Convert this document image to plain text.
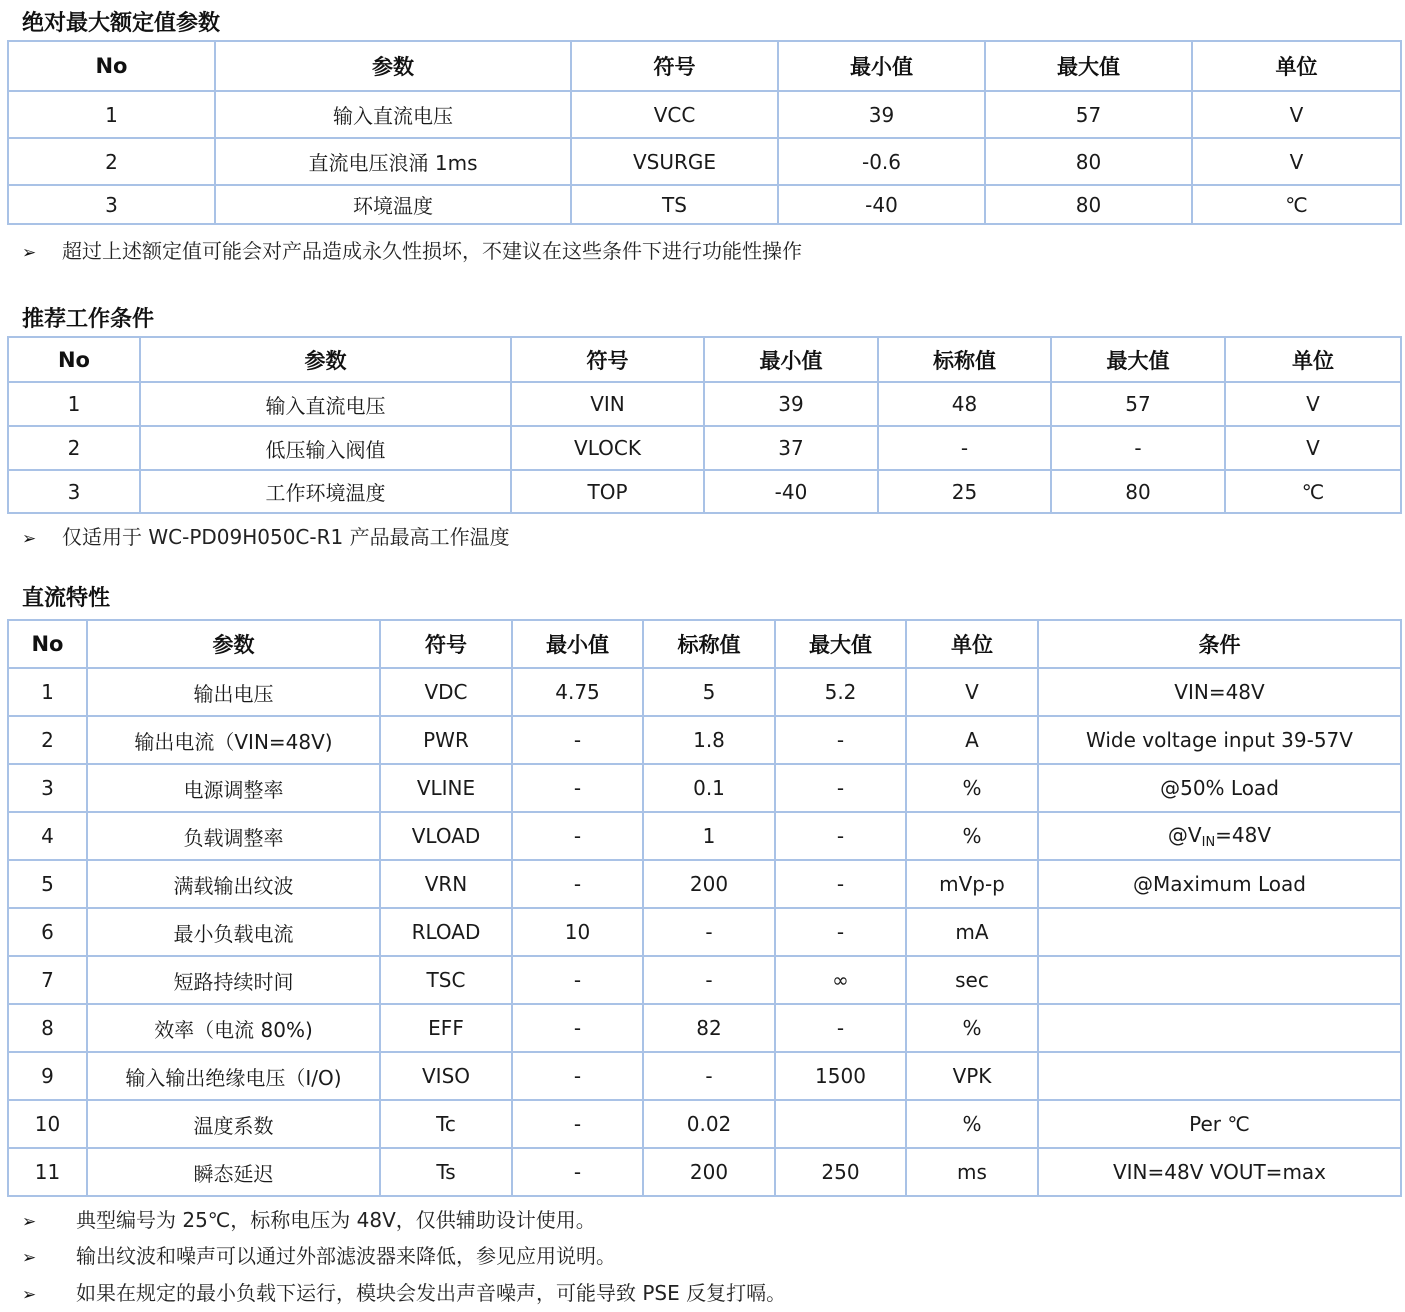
绝对最大额定值参数
No	参数	符号	最小值	最大值	单位
1	输入直流电压	VCC	39	57	V
2	直流电压浪涌 1ms	VSURGE	-0.6	80	V
3	环境温度	TS	-40	80	℃
➢ 超过上述额定值可能会对产品造成永久性损坏，不建议在这些条件下进行功能性操作
推荐工作条件
No	参数	符号	最小值	标称值	最大值	单位
1	输入直流电压	VIN	39	48	57	V
2	低压输入阀值	VLOCK	37	-	-	V
3	工作环境温度	TOP	-40	25	80	℃
➢ 仅适用于 WC-PD09H050C-R1 产品最高工作温度
直流特性
No	参数	符号	最小值	标称值	最大值	单位	条件
1	输出电压	VDC	4.75	5	5.2	V	VIN=48V
2	输出电流（VIN=48V)	PWR	-	1.8	-	A	Wide voltage input 39-57V
3	电源调整率	VLINE	-	0.1	-	%	@50% Load
4	负载调整率	VLOAD	-	1	-	%	$@V_{IN}=48V$
5	满载输出纹波	VRN	-	200	-	mVp-p	@Maximum Load
6	最小负载电流	RLOAD	10	-	-	mA	
7	短路持续时间	TSC	-	-	∞	sec	
8	效率（电流 80%)	EFF	-	82	-	%	
9	输入输出绝缘电压（I/O)	VISO	-	-	1500	VPK	
10	温度系数	Tc	-	0.02		%	Per ℃
11	瞬态延迟	Ts	-	200	250	ms	VIN=48V VOUT=max
➢ 典型编号为 25℃，标称电压为 48V，仅供辅助设计使用。
➢ 输出纹波和噪声可以通过外部滤波器来降低，参见应用说明。
➢ 如果在规定的最小负载下运行，模块会发出声音噪声，可能导致 PSE 反复打嗝。
